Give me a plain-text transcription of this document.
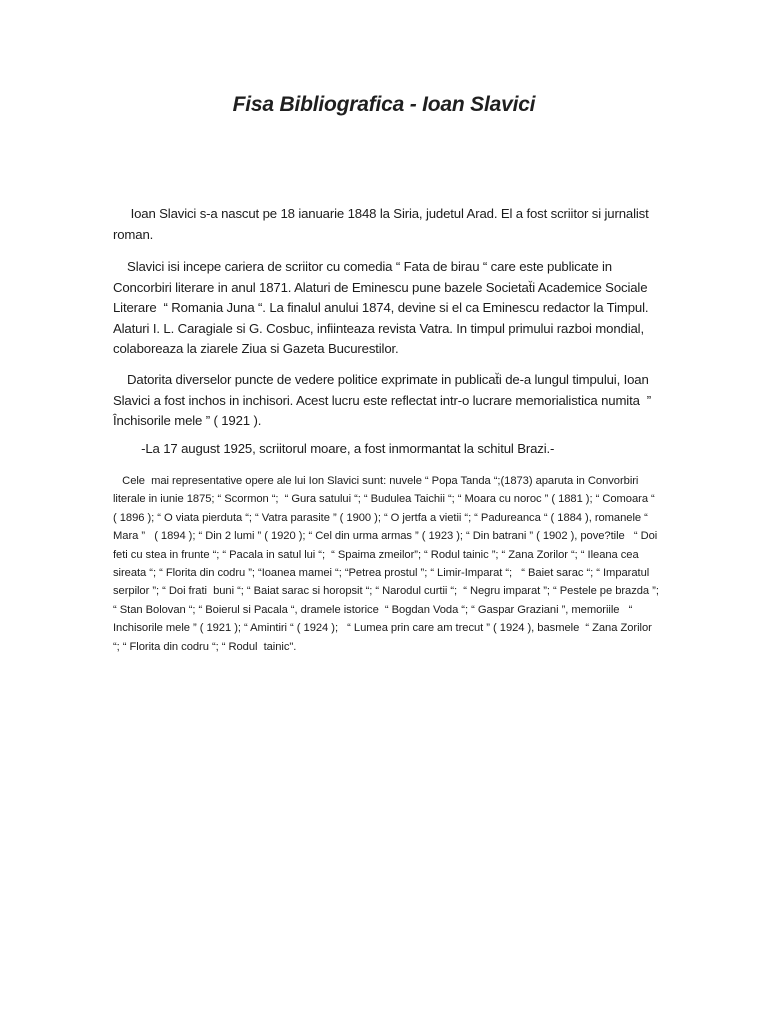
Fisa Bibliografica - Ioan Slavici

Ioan Slavici s-a nascut pe 18 ianuarie 1848 la Siria, judetul Arad. El a fost scriitor si jurnalist roman.

Slavici isi incepe cariera de scriitor cu comedia “ Fata de birau “ care este publicate in Concorbiri literare in anul 1871. Alaturi de Eminescu pune bazele Societat̆i Academice Sociale Literare  “ Romania Juna “. La finalul anului 1874, devine si el ca Eminescu redactor la Timpul. Alaturi I. L. Caragiale si G. Cosbuc, infiinteaza revista Vatra. In timpul primului razboi mondial, colaboreaza la ziarele Ziua si Gazeta Bucurestilor.

Datorita diverselor puncte de vedere politice exprimate in publicat̆i de-a lungul timpului, Ioan Slavici a fost inchos in inchisori. Acest lucru este reflectat intr-o lucrare memorialistica numita  ” Închisorile mele ” ( 1921 ).

-La 17 august 1925, scriitorul moare, a fost inmormantat la schitul Brazi.-

Cele  mai representative opere ale lui Ion Slavici sunt: nuvele “ Popa Tanda “;(1873) aparuta in Convorbiri literale in iunie 1875; “ Scormon “;  “ Gura satului “; “ Budulea Taichii “; “ Moara cu noroc ” ( 1881 ); “ Comoara “ ( 1896 ); “ O viata pierduta “; “ Vatra parasite ” ( 1900 ); “ O jertfa a vietii “; “ Padureanca “ ( 1884 ), romanele “ Mara ”   ( 1894 ); “ Din 2 lumi ” ( 1920 ); “ Cel din urma armas ” ( 1923 ); “ Din batrani ” ( 1902 ), pove?tile   “ Doi feti cu stea in frunte “; “ Pacala in satul lui “;  “ Spaima zmeilor”; “ Rodul tainic ”; “ Zana Zorilor “; “ Ileana cea sireata “; “ Florita din codru ”; “Ioanea mamei “; “Petrea prostul ”; “ Limir-Imparat “;   “ Baiet sarac “; “ Imparatul serpilor ”; “ Doi frati  buni “; “ Baiat sarac si horopsit “; “ Narodul curtii “;  “ Negru imparat ”; “ Pestele pe brazda ”; “ Stan Bolovan “; “ Boierul si Pacala “, dramele istorice  “ Bogdan Voda “; “ Gaspar Graziani ”, memoriile   “ Inchisorile mele ” ( 1921 ); “ Amintiri “ ( 1924 );   “ Lumea prin care am trecut ” ( 1924 ), basmele  “ Zana Zorilor “; “ Florita din codru “; “ Rodul  tainic".
